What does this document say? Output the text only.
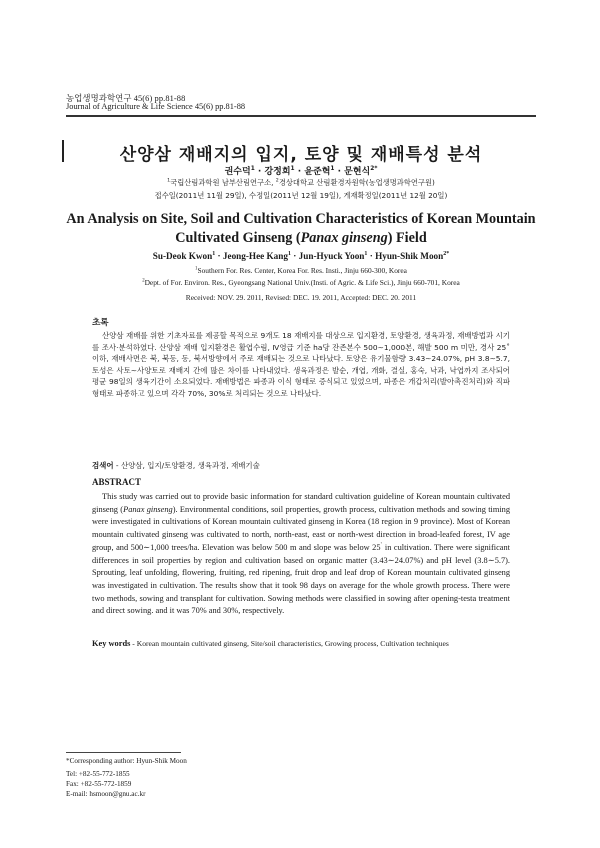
농업생명과학연구 45(6) pp.81-88
Journal of Agriculture & Life Science 45(6) pp.81-88
산양삼 재배지의 입지, 토양 및 재배특성 분석
권수덕$^1$ · 강정희$^1$ · 윤준혁$^1$ · 문현식$^{2*}$
$^1$국립산림과학원 남부산림연구소, $^2$경상대학교 산림환경자원학(농업생명과학연구원)
접수일(2011년 11월 29일), 수정일(2011년 12월 19일), 게재확정일(2011년 12월 20일)
An Analysis on Site, Soil and Cultivation Characteristics of Korean Mountain
Cultivated Ginseng (Panax ginseng) Field
Su-Deok Kwon$^1$ · Jeong-Hee Kang$^1$ · Jun-Hyuck Yoon$^1$ · Hyun-Shik Moon$^{2*}$
$^1$Southern For. Res. Center, Korea For. Res. Insti., Jinju 660-300, Korea
$^2$Dept. of For. Environ. Res., Gyeongsang National Univ.(Insti. of Agric. & Life Sci.), Jinju 660-701, Korea
Received: NOV. 29. 2011, Revised: DEC. 19. 2011, Accepted: DEC. 20. 2011
초록
산양삼 재배를 위한 기초자료를 제공할 목적으로 9개도 18 재배지를 대상으로 입지환경, 토양환경, 생육과정, 재배방법과 시기를 조사·분석하였다. 산양삼 재배 입지환경은 활엽수림, Ⅳ영급 기준 ha당 잔존본수 500∼1,000본, 해발 500 m 미만, 경사 25˚이하, 재배사면은 북, 북동, 동, 북서방향에서 주로 재배되는 것으로 나타났다. 토양은 유기물함량 3.43∼24.07%, pH 3.8∼5.7, 토성은 사토∼사양토로 재배지 간에 많은 차이를 나타내었다. 생육과정은 발순, 개엽, 개화, 결실, 홍숙, 낙과, 낙엽까지 조사되어 평균 98일의 생육기간이 소요되었다. 재배방법은 파종과 이식 형태로 증식되고 있었으며, 파종은 개갑처리(발아촉진처리)와 직파형태로 파종하고 있으며 각각 70%, 30%로 처리되는 것으로 나타났다.
검색어 - 산양삼, 입지/토양환경, 생육과정, 재배기술
ABSTRACT
This study was carried out to provide basic information for standard cultivation guideline of Korean mountain cultivated ginseng (Panax ginseng). Environmental conditions, soil properties, growth process, cultivation methods and sowing timing were investigated in cultivations of Korean mountain cultivated ginseng in Korea (18 region in 9 province). Most of Korean mountain cultivated ginseng was cultivated to north, north-east, east or north-west direction in broad-leafed forest, IV age group, and 500∼1,000 trees/ha. Elevation was below 500 m and slope was below 25˚ in cultivation. There were significant differences in soil properties by region and cultivation based on organic matter (3.43∼24.07%) and pH level (3.8∼5.7). Sprouting, leaf unfolding, flowering, fruiting, red ripening, fruit drop and leaf drop of Korean mountain cultivated ginseng was investigated in cultivation. The results show that it took 98 days on average for the whole growth process. There were two methods, sowing and transplant for cultivation. Sowing methods were classified in sowing after opening-testa treatment and direct sowing. and it was 70% and 30%, respectively.
Key words - Korean mountain cultivated ginseng, Site/soil characteristics, Growing process, Cultivation techniques
*Corresponding author: Hyun-Shik Moon
Tel: +82-55-772-1855
Fax: +82-55-772-1859
E-mail: hsmoon@gnu.ac.kr
